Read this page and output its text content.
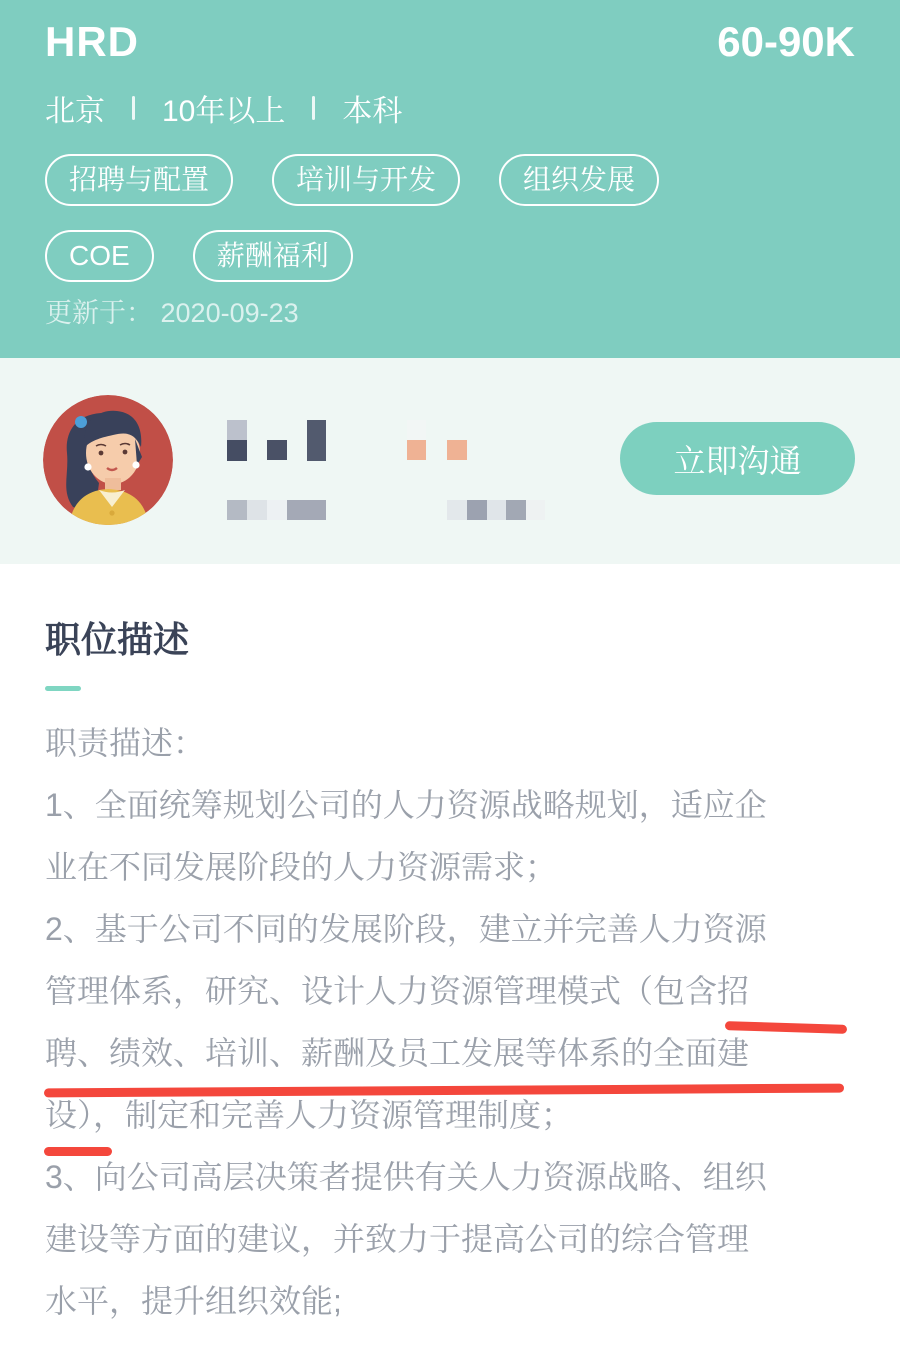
HRD	60-90K
北京 10年以上 本科
招聘与配置	培训与开发	组织发展
COE	薪酬福利
更新于： 2020-09-23
立即沟通
职位描述
职责描述：
1、全面统筹规划公司的人力资源战略规划，适应企
业在不同发展阶段的人力资源需求；
2、基于公司不同的发展阶段，建立并完善人力资源
管理体系，研究、设计人力资源管理模式（包含招
聘、绩效、培训、薪酬及员工发展等体系的全面建
设），制定和完善人力资源管理制度；
3、向公司高层决策者提供有关人力资源战略、组织
建设等方面的建议，并致力于提高公司的综合管理
水平，提升组织效能;
